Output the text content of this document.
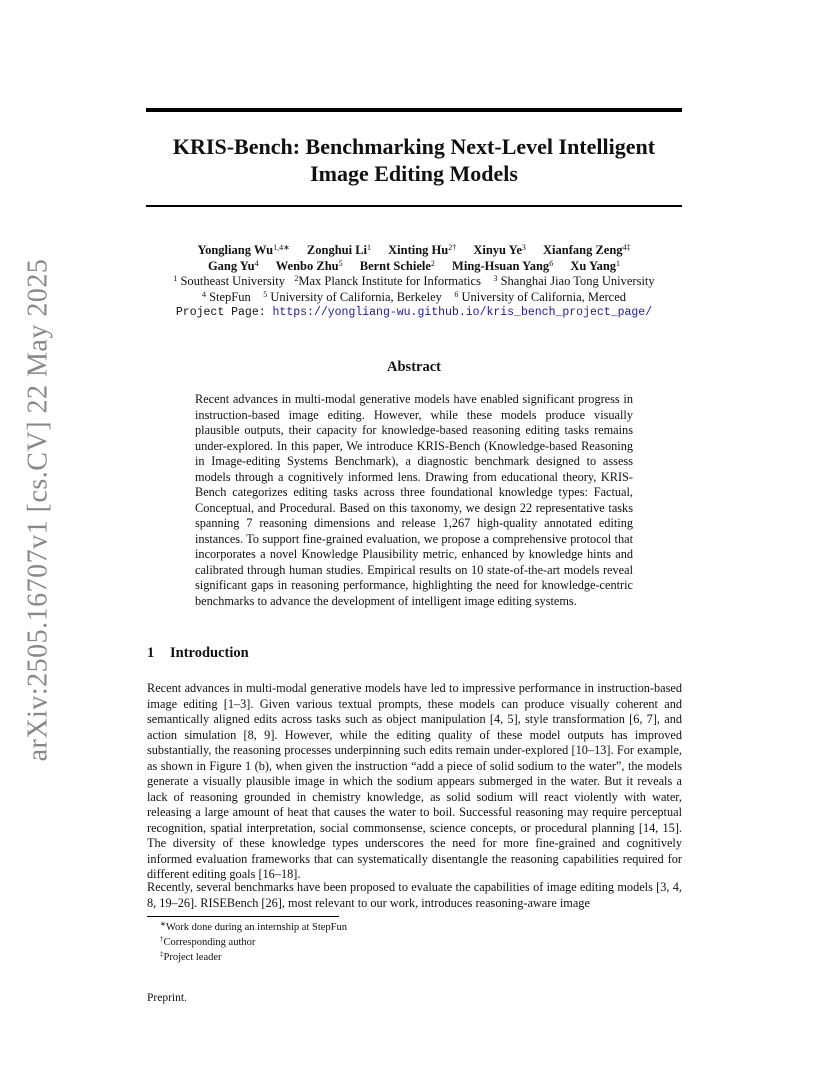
arXiv:2505.16707v1 [cs.CV] 22 May 2025
KRIS-Bench: Benchmarking Next-Level Intelligent
Image Editing Models
Yongliang $Wu^{1,4∗}$ Zonghui Li$^1$ Xinting $Hu^{2\dagger}$ Xinyu Ye$^3$ Xianfang Zeng$^{4\ddagger}$
Gang Yu$^4$ Wenbo Zhu$^5$ Bernt Schiele$^2$ Ming-Hsuan Yang$^6$ Xu Yang$^1$
$^1$ Southeast University $^2$Max Planck Institute for Informatics $^3$ Shanghai Jiao Tong University
$^4$ StepFun $^5$ University of California, Berkeley $^6$ University of California, Merced
Project Page: https://yongliang-wu.github.io/kris_bench_project_page/
Abstract
Recent advances in multi-modal generative models have enabled significant progress in instruction-based image editing. However, while these models produce visually plausible outputs, their capacity for knowledge-based reasoning editing tasks remains under-explored. In this paper, We introduce KRIS-Bench (Knowledge-based Reasoning in Image-editing Systems Benchmark), a diagnostic benchmark designed to assess models through a cognitively informed lens. Drawing from educational theory, KRIS-Bench categorizes editing tasks across three foundational knowledge types: Factual, Conceptual, and Procedural. Based on this taxonomy, we design 22 representative tasks spanning 7 reasoning dimensions and release 1,267 high-quality annotated editing instances. To support fine-grained evaluation, we propose a comprehensive protocol that incorporates a novel Knowledge Plausibility metric, enhanced by knowledge hints and calibrated through human studies. Empirical results on 10 state-of-the-art models reveal significant gaps in reasoning performance, highlighting the need for knowledge-centric benchmarks to advance the development of intelligent image editing systems.
1 Introduction
Recent advances in multi-modal generative models have led to impressive performance in instruction-based image editing [1–3]. Given various textual prompts, these models can produce visually coherent and semantically aligned edits across tasks such as object manipulation [4, 5], style transformation [6, 7], and action simulation [8, 9]. However, while the editing quality of these model outputs has improved substantially, the reasoning processes underpinning such edits remain under-explored [10–13]. For example, as shown in Figure 1 (b), when given the instruction “add a piece of solid sodium to the water”, the models generate a visually plausible image in which the sodium appears submerged in the water. But it reveals a lack of reasoning grounded in chemistry knowledge, as solid sodium will react violently with water, releasing a large amount of heat that causes the water to boil. Successful reasoning may require perceptual recognition, spatial interpretation, social commonsense, science concepts, or procedural planning [14, 15]. The diversity of these knowledge types underscores the need for more fine-grained and cognitively informed evaluation frameworks that can systematically disentangle the reasoning capabilities required for different editing goals [16–18].
Recently, several benchmarks have been proposed to evaluate the capabilities of image editing models [3, 4, 8, 19–26]. RISEBench [26], most relevant to our work, introduces reasoning-aware image
∗Work done during an internship at StepFun
†Corresponding author
‡Project leader
Preprint.
